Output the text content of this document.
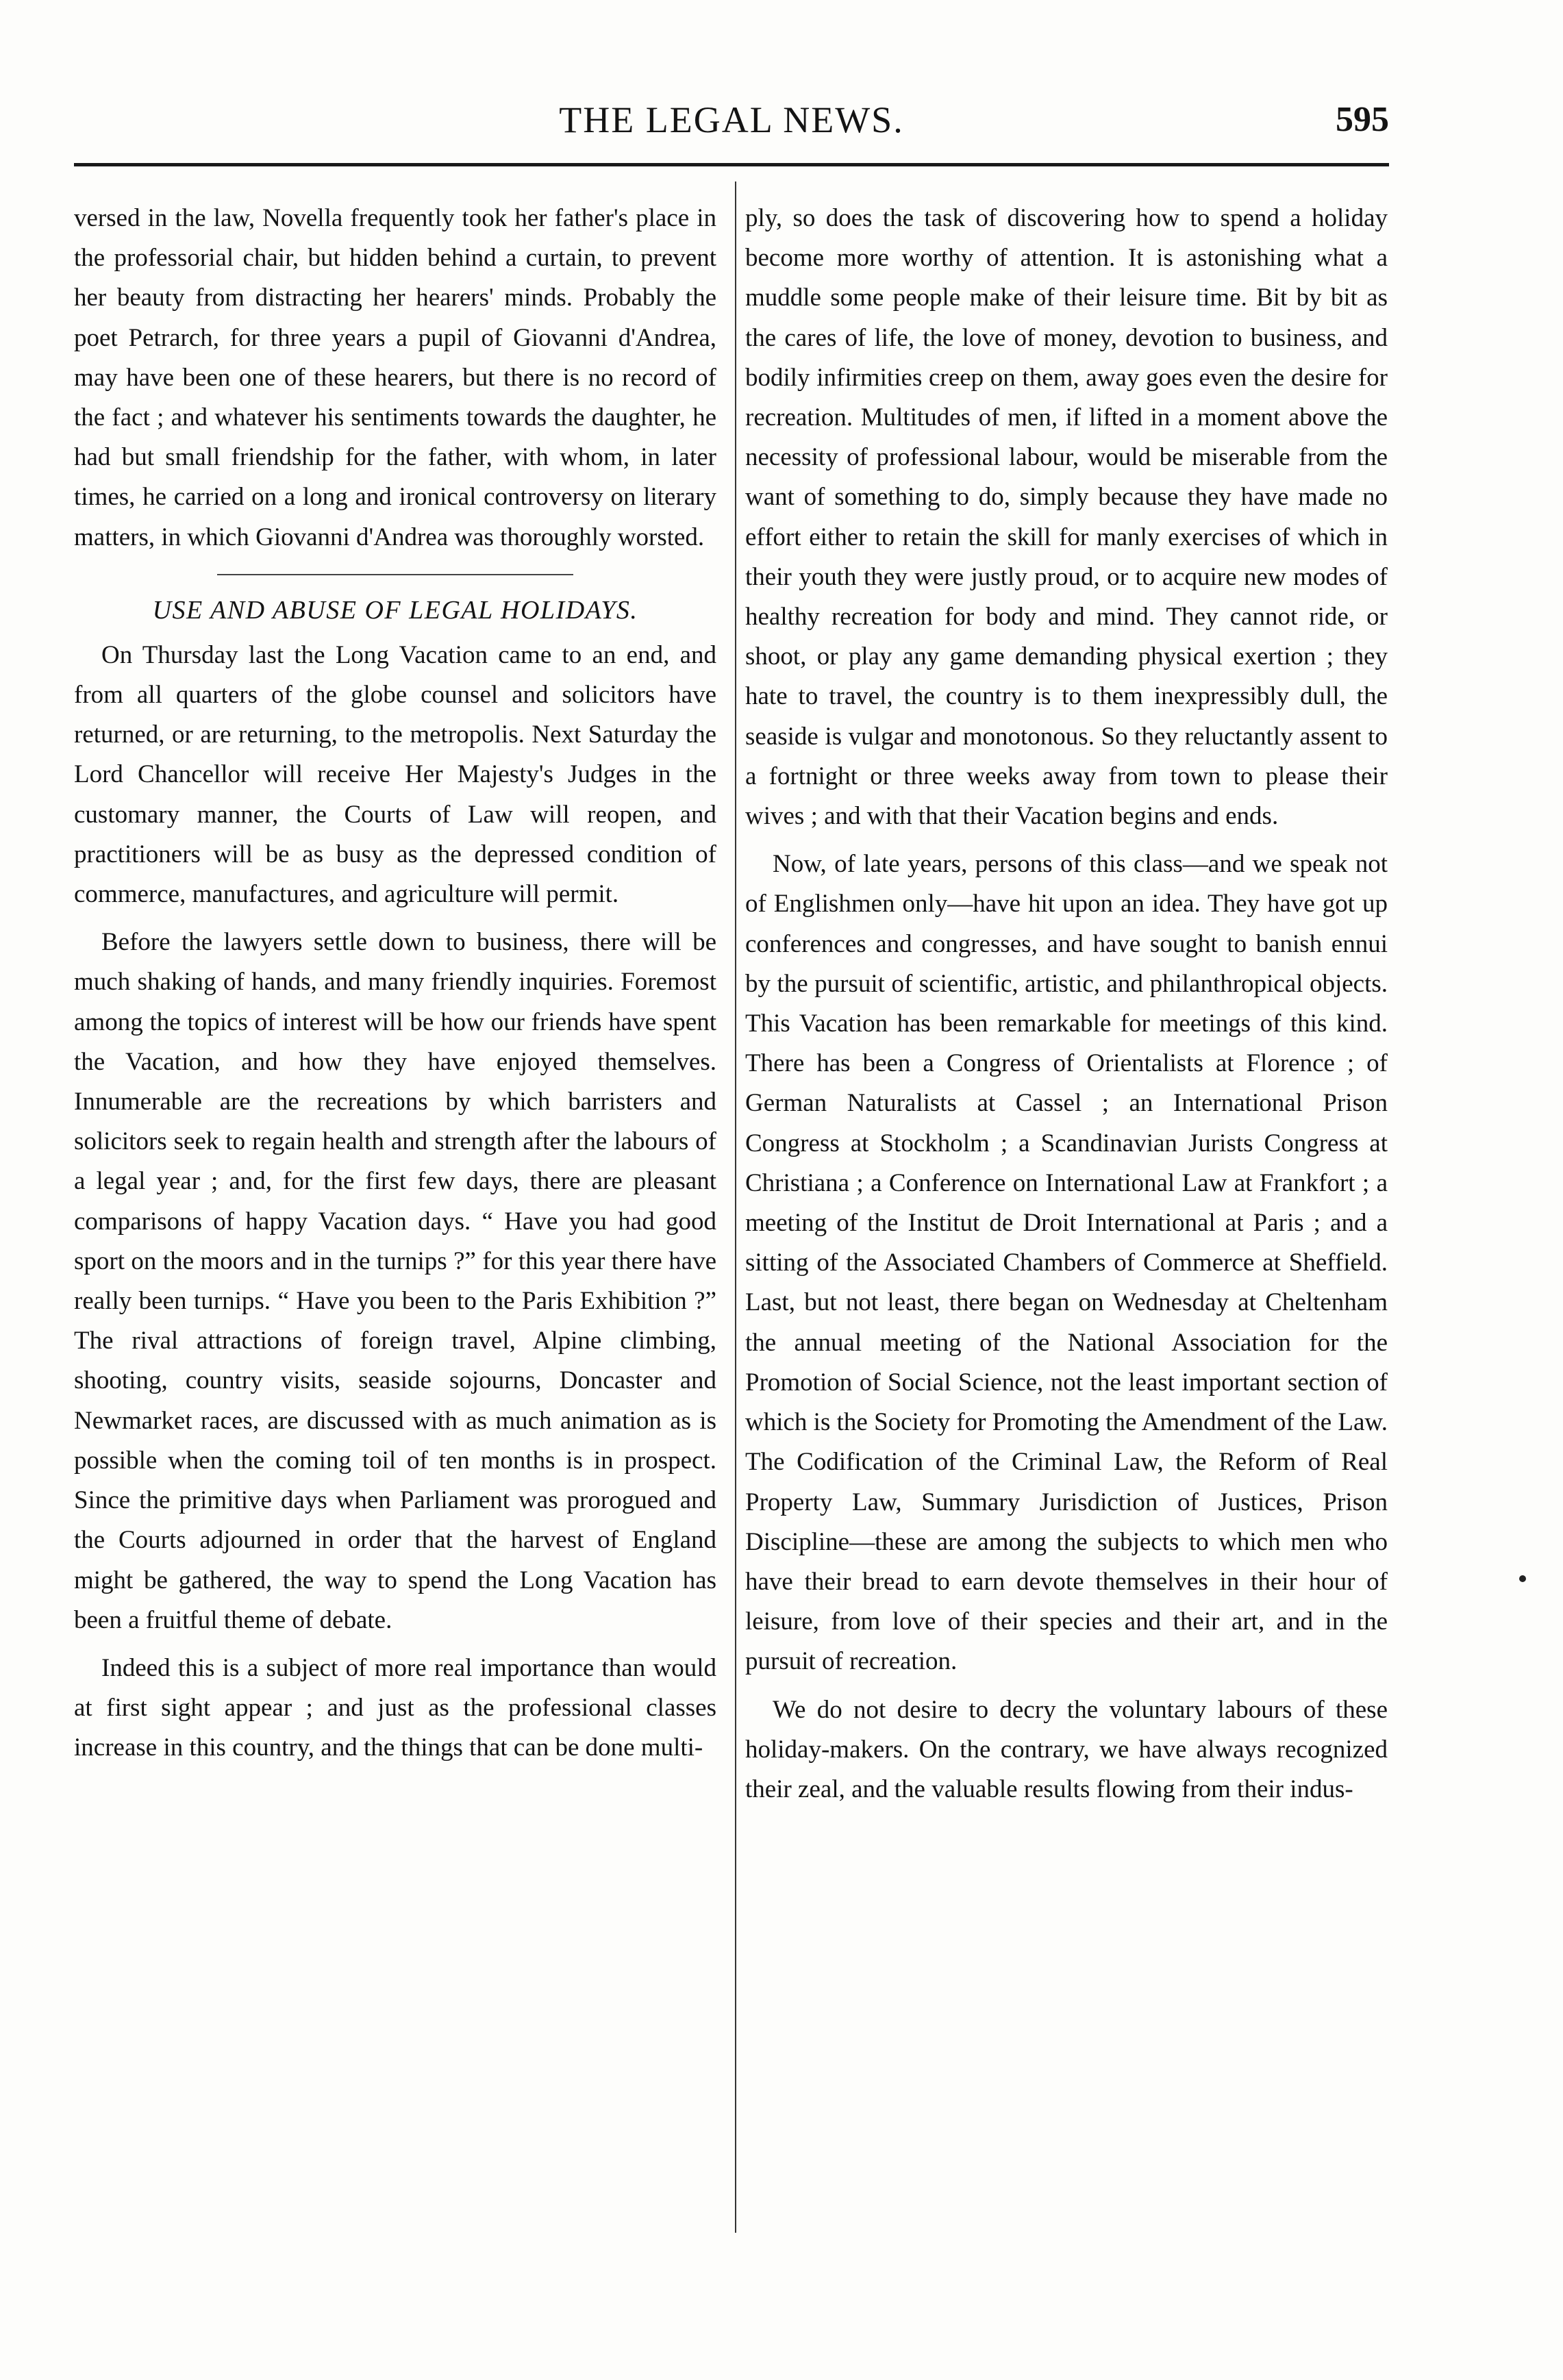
THE LEGAL NEWS.	595

versed in the law, Novella frequently took her father's place in the professorial chair, but hidden behind a curtain, to prevent her beauty from distracting her hearers' minds. Probably the poet Petrarch, for three years a pupil of Giovanni d'Andrea, may have been one of these hearers, but there is no record of the fact ; and whatever his sentiments towards the daughter, he had but small friendship for the father, with whom, in later times, he carried on a long and ironical controversy on literary matters, in which Giovanni d'Andrea was thoroughly worsted.

USE AND ABUSE OF LEGAL HOLIDAYS.

On Thursday last the Long Vacation came to an end, and from all quarters of the globe counsel and solicitors have returned, or are returning, to the metropolis. Next Saturday the Lord Chancellor will receive Her Majesty's Judges in the customary manner, the Courts of Law will reopen, and practitioners will be as busy as the depressed condition of commerce, manufactures, and agriculture will permit.

Before the lawyers settle down to business, there will be much shaking of hands, and many friendly inquiries. Foremost among the topics of interest will be how our friends have spent the Vacation, and how they have enjoyed themselves. Innumerable are the recreations by which barristers and solicitors seek to regain health and strength after the labours of a legal year ; and, for the first few days, there are pleasant comparisons of happy Vacation days. “ Have you had good sport on the moors and in the turnips ?” for this year there have really been turnips. “ Have you been to the Paris Exhibition ?” The rival attractions of foreign travel, Alpine climbing, shooting, country visits, seaside sojourns, Doncaster and Newmarket races, are discussed with as much animation as is possible when the coming toil of ten months is in prospect. Since the primitive days when Parliament was prorogued and the Courts adjourned in order that the harvest of England might be gathered, the way to spend the Long Vacation has been a fruitful theme of debate.

Indeed this is a subject of more real importance than would at first sight appear ; and just as the professional classes increase in this country, and the things that can be done multi-

ply, so does the task of discovering how to spend a holiday become more worthy of attention. It is astonishing what a muddle some people make of their leisure time. Bit by bit as the cares of life, the love of money, devotion to business, and bodily infirmities creep on them, away goes even the desire for recreation. Multitudes of men, if lifted in a moment above the necessity of professional labour, would be miserable from the want of something to do, simply because they have made no effort either to retain the skill for manly exercises of which in their youth they were justly proud, or to acquire new modes of healthy recreation for body and mind. They cannot ride, or shoot, or play any game demanding physical exertion ; they hate to travel, the country is to them inexpressibly dull, the seaside is vulgar and monotonous. So they reluctantly assent to a fortnight or three weeks away from town to please their wives ; and with that their Vacation begins and ends.

Now, of late years, persons of this class—and we speak not of Englishmen only—have hit upon an idea. They have got up conferences and congresses, and have sought to banish ennui by the pursuit of scientific, artistic, and philanthropical objects. This Vacation has been remarkable for meetings of this kind. There has been a Congress of Orientalists at Florence ; of German Naturalists at Cassel ; an International Prison Congress at Stockholm ; a Scandinavian Jurists Congress at Christiana ; a Conference on International Law at Frankfort ; a meeting of the Institut de Droit International at Paris ; and a sitting of the Associated Chambers of Commerce at Sheffield. Last, but not least, there began on Wednesday at Cheltenham the annual meeting of the National Association for the Promotion of Social Science, not the least important section of which is the Society for Promoting the Amendment of the Law. The Codification of the Criminal Law, the Reform of Real Property Law, Summary Jurisdiction of Justices, Prison Discipline—these are among the subjects to which men who have their bread to earn devote themselves in their hour of leisure, from love of their species and their art, and in the pursuit of recreation.

We do not desire to decry the voluntary labours of these holiday-makers. On the contrary, we have always recognized their zeal, and the valuable results flowing from their indus-
